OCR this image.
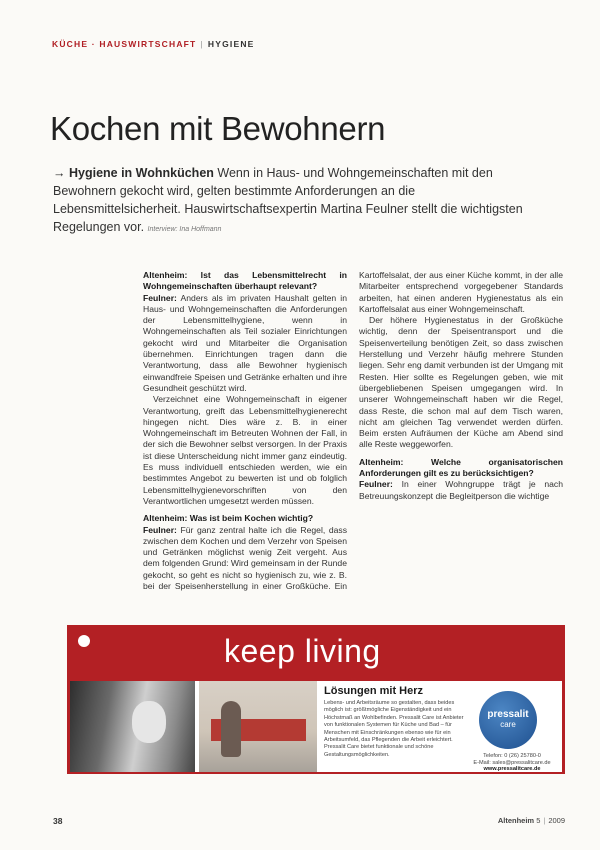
KÜCHE · HAUSWIRTSCHAFT | HYGIENE
Kochen mit Bewohnern
→ Hygiene in Wohnküchen Wenn in Haus- und Wohngemeinschaften mit den Bewohnern gekocht wird, gelten bestimmte Anforderungen an die Lebensmittelsicherheit. Hauswirtschaftsexpertin Martina Feulner stellt die wichtigsten Regelungen vor. Interview: Ina Hoffmann
Altenheim: Ist das Lebensmittelrecht in Wohngemeinschaften überhaupt relevant?

Feulner: Anders als im privaten Haushalt gelten in Haus- und Wohngemeinschaften die Anforderungen der Lebensmittelhygiene, wenn in Wohngemeinschaften als Teil sozialer Einrichtungen gekocht wird und Mitarbeiter die Organisation übernehmen. Einrichtungen tragen dann die Verantwortung, dass alle Bewohner hygienisch einwandfreie Speisen und Getränke erhalten und ihre Gesundheit geschützt wird.

Verzeichnet eine Wohngemeinschaft in eigener Verantwortung, greift das Lebensmittelhygienerecht hingegen nicht. Dies wäre z. B. in einer Wohngemeinschaft im Betreuten Wohnen der Fall, in der sich die Bewohner selbst versorgen. In der Praxis ist diese Unterscheidung nicht immer ganz eindeutig. Es muss individuell entschieden werden, wie ein bestimmtes Angebot zu bewerten ist und ob folglich Lebensmittelhygienevorschriften von den Verantwortlichen umgesetzt werden müssen.

Altenheim: Was ist beim Kochen wichtig?

Feulner: Für ganz zentral halte ich die Regel, dass zwischen dem Kochen und dem Verzehr von Speisen und Getränken möglichst wenig Zeit vergeht. Aus dem folgenden Grund: Wird gemeinsam in der Runde gekocht, so geht es nicht so hygienisch zu, wie z. B. bei der Speisenherstellung in einer Großküche. Ein Kartoffelsalat, der aus einer Küche kommt, in der alle Mitarbeiter entsprechend vorgegebener Standards arbeiten, hat einen anderen Hygienestatus als ein Kartoffelsalat aus einer Wohngemeinschaft.

Der höhere Hygienestatus in der Großküche wichtig, denn der Speisentransport und die Speisenverteilung benötigen Zeit, so dass zwischen Herstellung und Verzehr häufig mehrere Stunden liegen. Sehr eng damit verbunden ist der Umgang mit Resten. Hier sollte es Regelungen geben, wie mit übergebliebenen Speisen umgegangen wird. In unserer Wohngemeinschaft haben wir die Regel, dass Reste, die schon mal auf dem Tisch waren, nicht am gleichen Tag verwendet werden dürfen. Beim ersten Aufräumen der Küche am Abend sind alle Reste weggeworfen.

Altenheim: Welche organisatorischen Anforderungen gilt es zu berücksichtigen?

Feulner: In einer Wohngruppe trägt je nach Betreuungskonzept die Begleitperson die wichtige

keep living
Lösungen mit Herz
Lebens- und Arbeitsräume so gestalten, dass beides möglich ist: größtmögliche Eigenständigkeit und ein Höchstmaß an Wohlbefinden. Pressalit Care ist Anbieter von funktionalen Systemen für Küche und Bad – für Menschen mit Einschränkungen ebenso wie für ein Arbeitsumfeld, das Pflegenden die Arbeit erleichtert. Pressalit Care bietet funktionale und schöne Gestaltungsmöglichkeiten.
pressalit
care
Telefon: 0 (26) 25780-0
E-Mail: sales@pressalitcare.de
www.pressalitcare.de
38	Altenheim 5 | 2009
